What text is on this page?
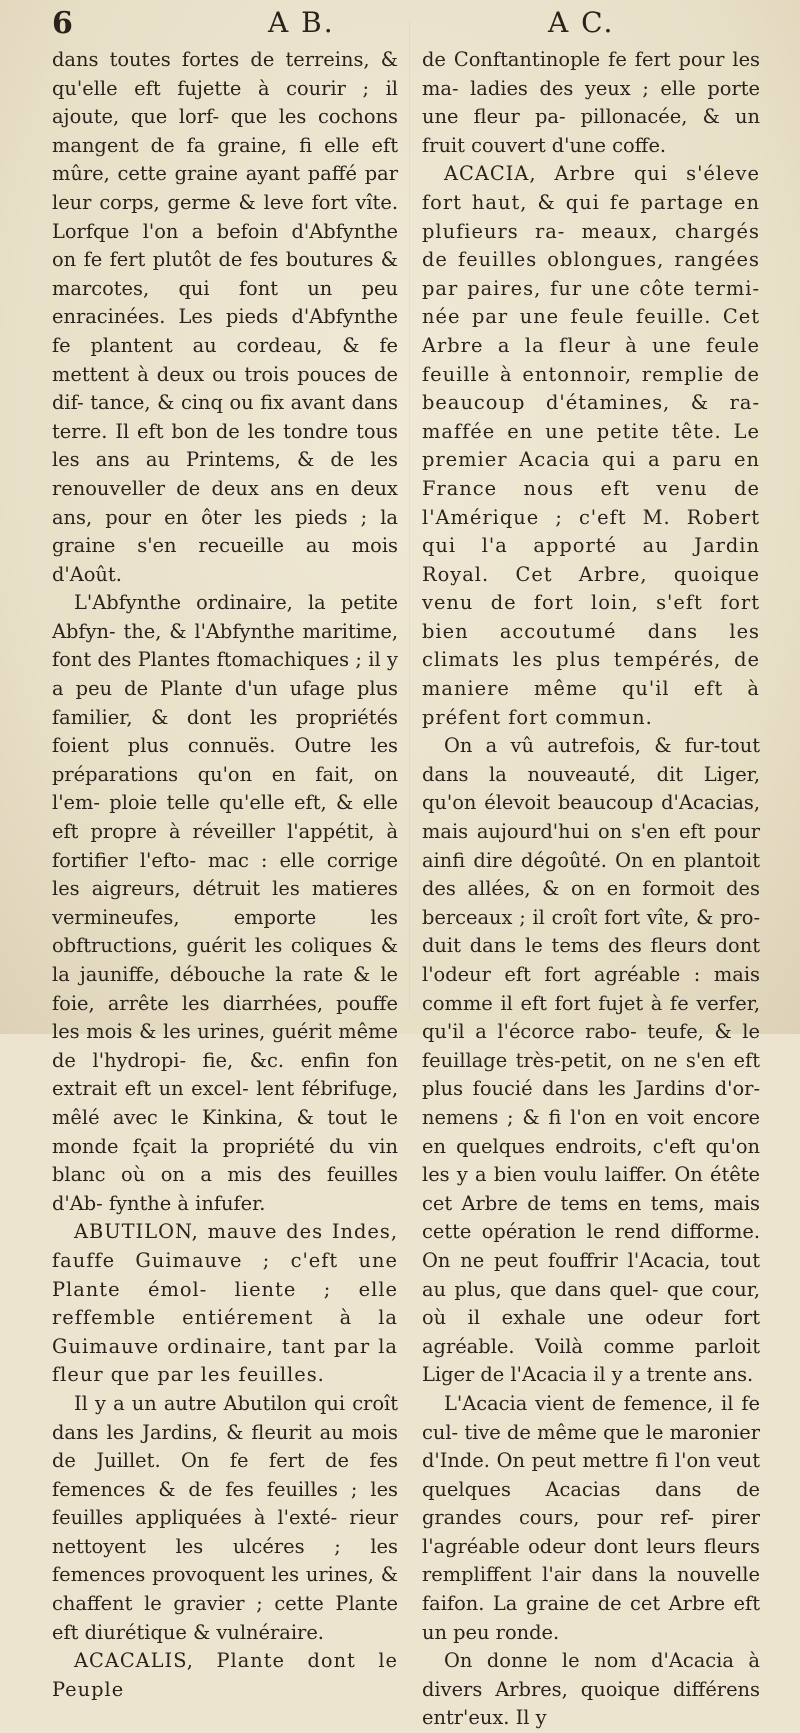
6	A B.	A C.

dans toutes fortes de terreins, & qu'elle eft fujette à courir ; il ajoute, que lorf- que les cochons mangent de fa graine, fi elle eft mûre, cette graine ayant paffé par leur corps, germe & leve fort vîte. Lorfque l'on a befoin d'Abfynthe on fe fert plutôt de fes boutures & marcotes, qui font un peu enracinées. Les pieds d'Abfynthe fe plantent au cordeau, & fe mettent à deux ou trois pouces de dif- tance, & cinq ou fix avant dans terre. Il eft bon de les tondre tous les ans au Printems, & de les renouveller de deux ans en deux ans, pour en ôter les pieds ; la graine s'en recueille au mois d'Août.

L'Abfynthe ordinaire, la petite Abfyn- the, & l'Abfynthe maritime, font des Plantes ftomachiques ; il y a peu de Plante d'un ufage plus familier, & dont les propriétés foient plus connuës. Outre les préparations qu'on en fait, on l'em- ploie telle qu'elle eft, & elle eft propre à réveiller l'appétit, à fortifier l'efto- mac : elle corrige les aigreurs, détruit les matieres vermineufes, emporte les obftructions, guérit les coliques & la jauniffe, débouche la rate & le foie, arrête les diarrhées, pouffe les mois & les urines, guérit même de l'hydropi- fie, &c. enfin fon extrait eft un excel- lent fébrifuge, mêlé avec le Kinkina, & tout le monde fçait la propriété du vin blanc où on a mis des feuilles d'Ab- fynthe à infufer.

ABUTILON, mauve des Indes, fauffe Guimauve ; c'eft une Plante émol- liente ; elle reffemble entiérement à la Guimauve ordinaire, tant par la fleur que par les feuilles.

Il y a un autre Abutilon qui croît dans les Jardins, & fleurit au mois de Juillet. On fe fert de fes femences & de fes feuilles ; les feuilles appliquées à l'exté- rieur nettoyent les ulcéres ; les femences provoquent les urines, & chaffent le gravier ; cette Plante eft diurétique & vulnéraire.

ACACALIS, Plante dont le Peuple

de Conftantinople fe fert pour les ma- ladies des yeux ; elle porte une fleur pa- pillonacée, & un fruit couvert d'une coffe.

ACACIA, Arbre qui s'éleve fort haut, & qui fe partage en plufieurs ra- meaux, chargés de feuilles oblongues, rangées par paires, fur une côte termi- née par une feule feuille. Cet Arbre a la fleur à une feule feuille à entonnoir, remplie de beaucoup d'étamines, & ra- maffée en une petite tête. Le premier Acacia qui a paru en France nous eft venu de l'Amérique ; c'eft M. Robert qui l'a apporté au Jardin Royal. Cet Arbre, quoique venu de fort loin, s'eft fort bien accoutumé dans les climats les plus tempérés, de maniere même qu'il eft à préfent fort commun.

On a vû autrefois, & fur-tout dans la nouveauté, dit Liger, qu'on élevoit beaucoup d'Acacias, mais aujourd'hui on s'en eft pour ainfi dire dégoûté. On en plantoit des allées, & on en formoit des berceaux ; il croît fort vîte, & pro- duit dans le tems des fleurs dont l'odeur eft fort agréable : mais comme il eft fort fujet à fe verfer, qu'il a l'écorce rabo- teufe, & le feuillage très-petit, on ne s'en eft plus foucié dans les Jardins d'or- nemens ; & fi l'on en voit encore en quelques endroits, c'eft qu'on les y a bien voulu laiffer. On étête cet Arbre de tems en tems, mais cette opération le rend difforme. On ne peut fouffrir l'Acacia, tout au plus, que dans quel- que cour, où il exhale une odeur fort agréable. Voilà comme parloit Liger de l'Acacia il y a trente ans.

L'Acacia vient de femence, il fe cul- tive de même que le maronier d'Inde. On peut mettre fi l'on veut quelques Acacias dans de grandes cours, pour ref- pirer l'agréable odeur dont leurs fleurs rempliffent l'air dans la nouvelle faifon. La graine de cet Arbre eft un peu ronde.

On donne le nom d'Acacia à divers Arbres, quoique différens entr'eux. Il y
